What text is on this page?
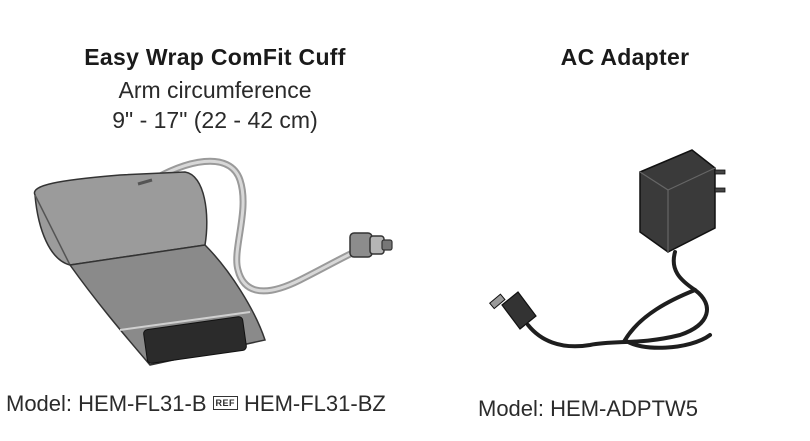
Easy Wrap ComFit Cuff
Arm circumference
9" - 17" (22 - 42 cm)
Model: HEM-FL31-B REF HEM-FL31-BZ
AC Adapter
Model: HEM-ADPTW5
